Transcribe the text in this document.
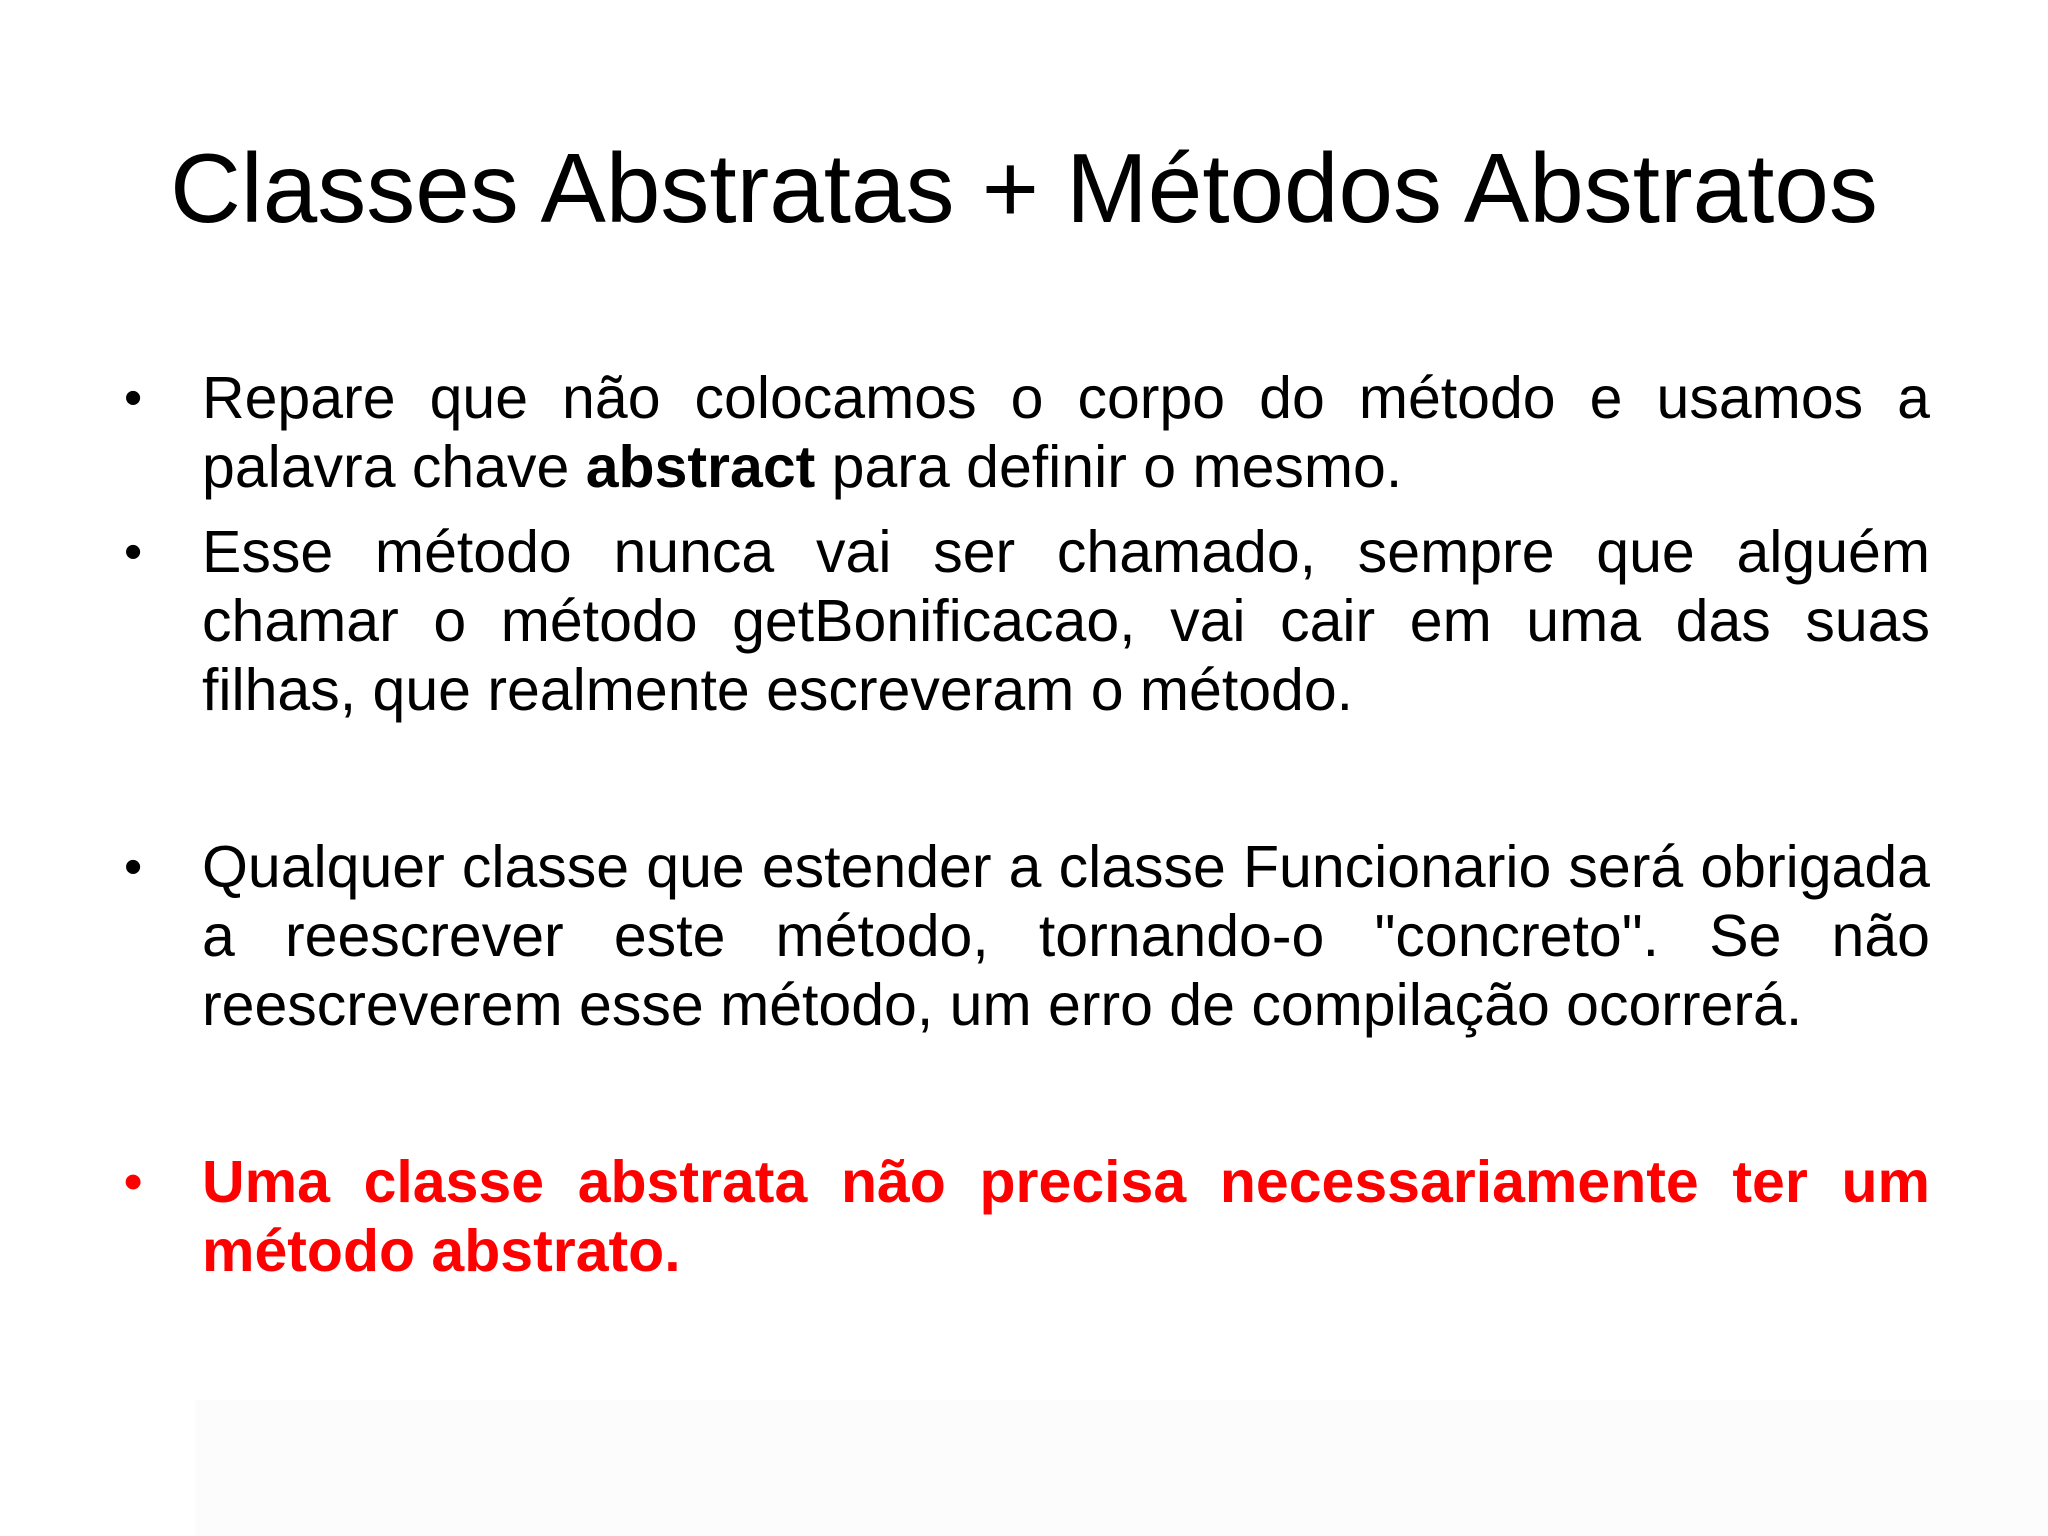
Classes Abstratas + Métodos Abstratos
• Repare que não colocamos o corpo do método e usamos a palavra chave abstract para definir o mesmo.
• Esse método nunca vai ser chamado, sempre que alguém chamar o método getBonificacao, vai cair em uma das suas filhas, que realmente escreveram o método.
• Qualquer classe que estender a classe Funcionario será obrigada a reescrever este método, tornando-o "concreto". Se não reescreverem esse método, um erro de compilação ocorrerá.
• Uma classe abstrata não precisa necessariamente ter um método abstrato.
